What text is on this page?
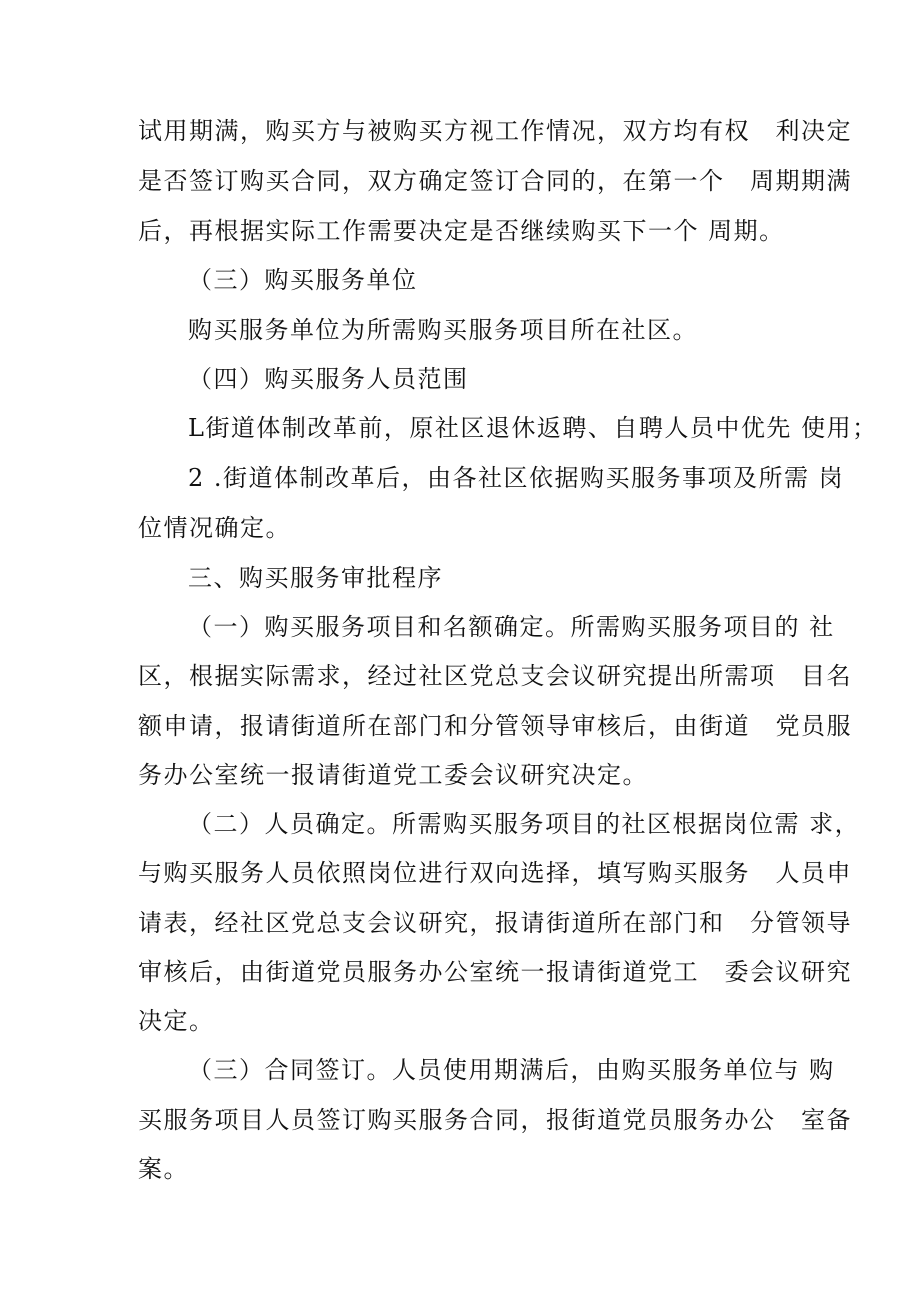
试用期满，购买方与被购买方视工作情况，双方均有权　利决定
是否签订购买合同，双方确定签订合同的，在第一个　周期期满
后，再根据实际工作需要决定是否继续购买下一个 周期。
（三）购买服务单位
购买服务单位为所需购买服务项目所在社区。
（四）购买服务人员范围
L街道体制改革前，原社区退休返聘、自聘人员中优先 使用；
2 .街道体制改革后，由各社区依据购买服务事项及所需 岗
位情况确定。
三、购买服务审批程序
（一）购买服务项目和名额确定。所需购买服务项目的 社
区，根据实际需求，经过社区党总支会议研究提出所需项　目名
额申请，报请街道所在部门和分管领导审核后，由街道　党员服
务办公室统一报请街道党工委会议研究决定。
（二）人员确定。所需购买服务项目的社区根据岗位需 求，
与购买服务人员依照岗位进行双向选择，填写购买服务　人员申
请表，经社区党总支会议研究，报请街道所在部门和　分管领导
审核后，由街道党员服务办公室统一报请街道党工　委会议研究
决定。
（三）合同签订。人员使用期满后，由购买服务单位与 购
买服务项目人员签订购买服务合同，报街道党员服务办公　室备
案。
